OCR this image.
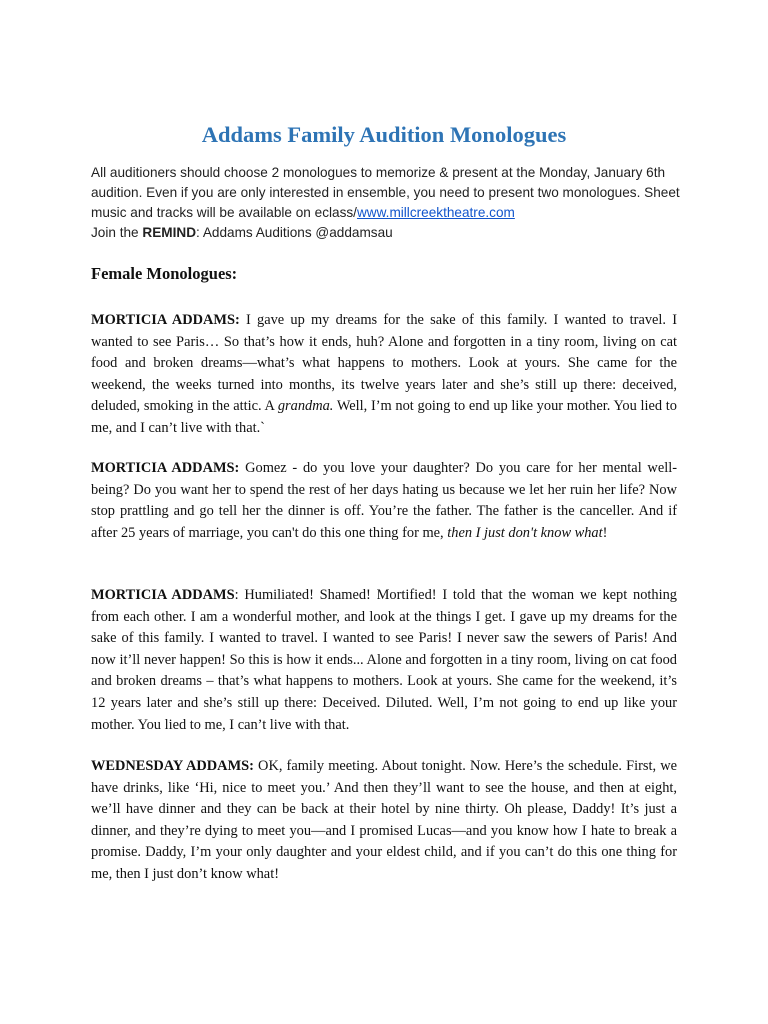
Addams Family Audition Monologues

All auditioners should choose 2 monologues to memorize & present at the Monday, January 6th audition. Even if you are only interested in ensemble, you need to present two monologues. Sheet music and tracks will be available on eclass/www.millcreektheatre.com

Join the REMIND: Addams Auditions @addamsau

Female Monologues:

MORTICIA ADDAMS: I gave up my dreams for the sake of this family. I wanted to travel. I wanted to see Paris… So that’s how it ends, huh? Alone and forgotten in a tiny room, living on cat food and broken dreams—what’s what happens to mothers. Look at yours. She came for the weekend, the weeks turned into months, its twelve years later and she’s still up there: deceived, deluded, smoking in the attic. A grandma. Well, I’m not going to end up like your mother. You lied to me, and I can’t live with that.`

MORTICIA ADDAMS: Gomez - do you love your daughter? Do you care for her mental well-being? Do you want her to spend the rest of her days hating us because we let her ruin her life? Now stop prattling and go tell her the dinner is off. You’re the father. The father is the canceller. And if after 25 years of marriage, you can't do this one thing for me, then I just don't know what!

MORTICIA ADDAMS: Humiliated! Shamed! Mortified! I told that the woman we kept nothing from each other. I am a wonderful mother, and look at the things I get. I gave up my dreams for the sake of this family. I wanted to travel. I wanted to see Paris! I never saw the sewers of Paris! And now it’ll never happen! So this is how it ends... Alone and forgotten in a tiny room, living on cat food and broken dreams – that’s what happens to mothers. Look at yours. She came for the weekend, it’s 12 years later and she’s still up there: Deceived. Diluted. Well, I’m not going to end up like your mother. You lied to me, I can’t live with that.

WEDNESDAY ADDAMS: OK, family meeting. About tonight. Now. Here’s the schedule. First, we have drinks, like ‘Hi, nice to meet you.’ And then they’ll want to see the house, and then at eight, we’ll have dinner and they can be back at their hotel by nine thirty. Oh please, Daddy! It’s just a dinner, and they’re dying to meet you—and I promised Lucas—and you know how I hate to break a promise. Daddy, I’m your only daughter and your eldest child, and if you can’t do this one thing for me, then I just don’t know what!
